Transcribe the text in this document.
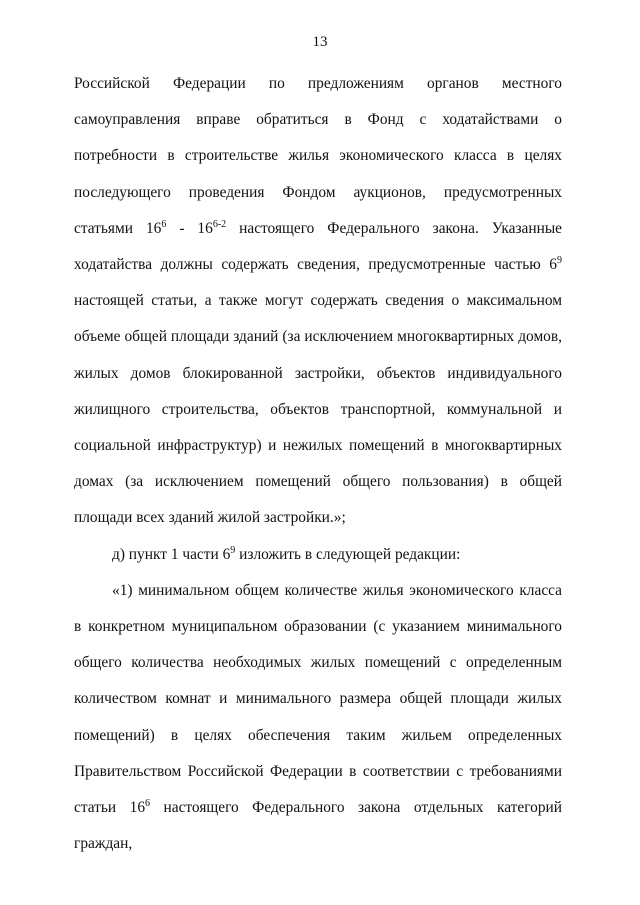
13

Российской Федерации по предложениям органов местного самоуправления вправе обратиться в Фонд с ходатайствами о потребности в строительстве жилья экономического класса в целях последующего проведения Фондом аукционов, предусмотренных статьями $16^6 - 16^{6-2}$ настоящего Федерального закона. Указанные ходатайства должны содержать сведения, предусмотренные частью $6^9$ настоящей статьи, а также могут содержать сведения о максимальном объеме общей площади зданий (за исключением многоквартирных домов, жилых домов блокированной застройки, объектов индивидуального жилищного строительства, объектов транспортной, коммунальной и социальной инфраструктур) и нежилых помещений в многоквартирных домах (за исключением помещений общего пользования) в общей площади всех зданий жилой застройки.»;

д) пункт 1 части $6^9$ изложить в следующей редакции:

«1) минимальном общем количестве жилья экономического класса в конкретном муниципальном образовании (с указанием минимального общего количества необходимых жилых помещений с определенным количеством комнат и минимального размера общей площади жилых помещений) в целях обеспечения таким жильем определенных Правительством Российской Федерации в соответствии с требованиями статьи $16^6$ настоящего Федерального закона отдельных категорий граждан,
